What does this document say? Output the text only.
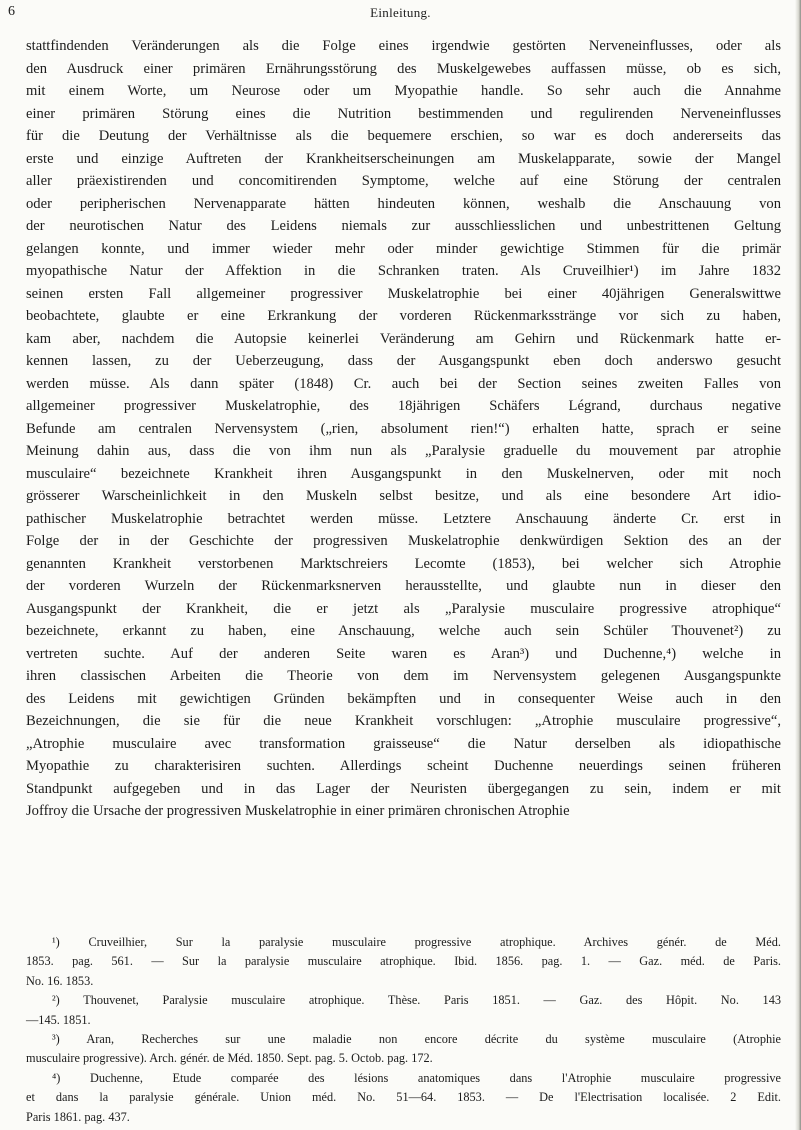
6	Einleitung.
stattfindenden Veränderungen als die Folge eines irgendwie gestörten Nerveneinflusses, oder als
den Ausdruck einer primären Ernährungsstörung des Muskelgewebes auffassen müsse, ob es sich,
mit einem Worte, um Neurose oder um Myopathie handle. So sehr auch die Annahme
einer primären Störung eines die Nutrition bestimmenden und regulirenden Nerveneinflusses
für die Deutung der Verhältnisse als die bequemere erschien, so war es doch andererseits das
erste und einzige Auftreten der Krankheitserscheinungen am Muskelapparate, sowie der Mangel
aller präexistirenden und concomitirenden Symptome, welche auf eine Störung der centralen
oder peripherischen Nervenapparate hätten hindeuten können, weshalb die Anschauung von
der neurotischen Natur des Leidens niemals zur ausschliesslichen und unbestrittenen Geltung
gelangen konnte, und immer wieder mehr oder minder gewichtige Stimmen für die primär
myopathische Natur der Affektion in die Schranken traten. Als Cruveilhier¹) im Jahre 1832
seinen ersten Fall allgemeiner progressiver Muskelatrophie bei einer 40jährigen Generalswittwe
beobachtete, glaubte er eine Erkrankung der vorderen Rückenmarksstränge vor sich zu haben,
kam aber, nachdem die Autopsie keinerlei Veränderung am Gehirn und Rückenmark hatte er-
kennen lassen, zu der Ueberzeugung, dass der Ausgangspunkt eben doch anderswo gesucht
werden müsse. Als dann später (1848) Cr. auch bei der Section seines zweiten Falles von
allgemeiner progressiver Muskelatrophie, des 18jährigen Schäfers Légrand, durchaus negative
Befunde am centralen Nervensystem („rien, absolument rien!“) erhalten hatte, sprach er seine
Meinung dahin aus, dass die von ihm nun als „Paralysie graduelle du mouvement par atrophie
musculaire“ bezeichnete Krankheit ihren Ausgangspunkt in den Muskelnerven, oder mit noch
grösserer Warscheinlichkeit in den Muskeln selbst besitze, und als eine besondere Art idio-
pathischer Muskelatrophie betrachtet werden müsse. Letztere Anschauung änderte Cr. erst in
Folge der in der Geschichte der progressiven Muskelatrophie denkwürdigen Sektion des an der
genannten Krankheit verstorbenen Marktschreiers Lecomte (1853), bei welcher sich Atrophie
der vorderen Wurzeln der Rückenmarksnerven herausstellte, und glaubte nun in dieser den
Ausgangspunkt der Krankheit, die er jetzt als „Paralysie musculaire progressive atrophique“
bezeichnete, erkannt zu haben, eine Anschauung, welche auch sein Schüler Thouvenet²) zu
vertreten suchte. Auf der anderen Seite waren es Aran³) und Duchenne,⁴) welche in
ihren classischen Arbeiten die Theorie von dem im Nervensystem gelegenen Ausgangspunkte
des Leidens mit gewichtigen Gründen bekämpften und in consequenter Weise auch in den
Bezeichnungen, die sie für die neue Krankheit vorschlugen: „Atrophie musculaire progressive“,
„Atrophie musculaire avec transformation graisseuse“ die Natur derselben als idiopathische
Myopathie zu charakterisiren suchten. Allerdings scheint Duchenne neuerdings seinen früheren
Standpunkt aufgegeben und in das Lager der Neuristen übergegangen zu sein, indem er mit
Joffroy die Ursache der progressiven Muskelatrophie in einer primären chronischen Atrophie
¹) Cruveilhier, Sur la paralysie musculaire progressive atrophique. Archives génér. de Méd.
1853. pag. 561. — Sur la paralysie musculaire atrophique. Ibid. 1856. pag. 1. — Gaz. méd. de Paris.
No. 16. 1853.
²) Thouvenet, Paralysie musculaire atrophique. Thèse. Paris 1851. — Gaz. des Hôpit. No. 143
—145. 1851.
³) Aran, Recherches sur une maladie non encore décrite du système musculaire (Atrophie
musculaire progressive). Arch. génér. de Méd. 1850. Sept. pag. 5. Octob. pag. 172.
⁴) Duchenne, Etude comparée des lésions anatomiques dans l'Atrophie musculaire progressive
et dans la paralysie générale. Union méd. No. 51—64. 1853. — De l'Electrisation localisée. 2 Edit.
Paris 1861. pag. 437.
